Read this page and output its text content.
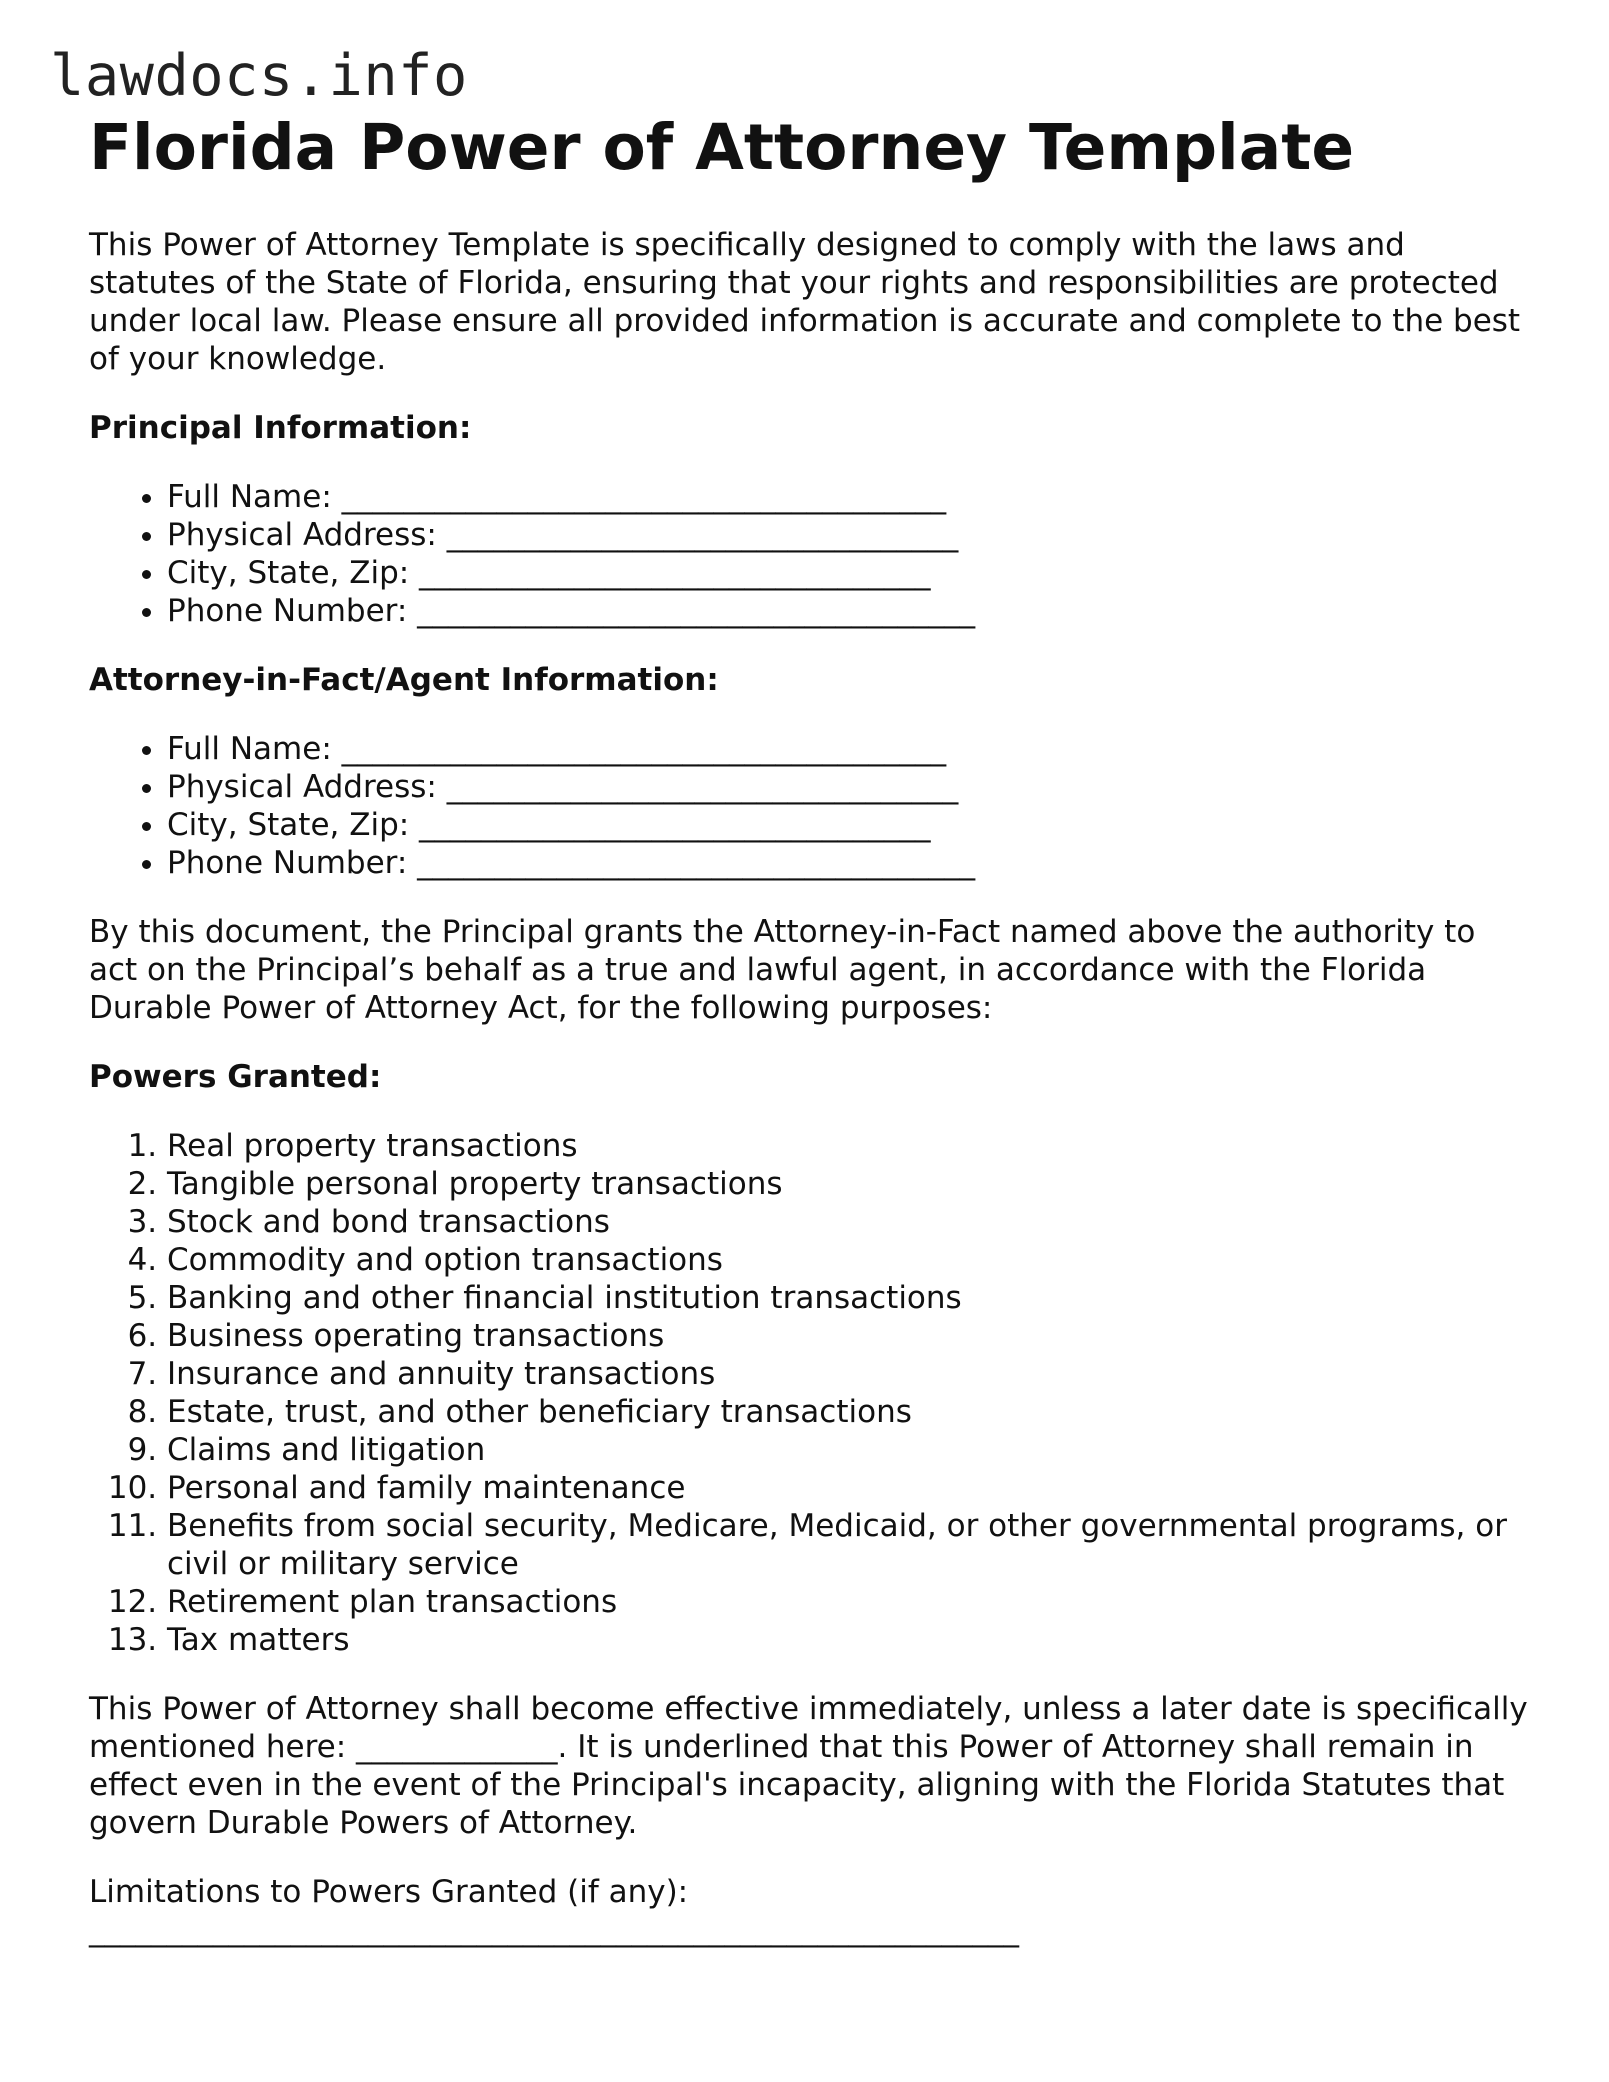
lawdocs.info
Florida Power of Attorney Template

This Power of Attorney Template is specifically designed to comply with the laws and statutes of the State of Florida, ensuring that your rights and responsibilities are protected under local law. Please ensure all provided information is accurate and complete to the best of your knowledge.

Principal Information:
• Full Name: _______________________________________
• Physical Address: _________________________________
• City, State, Zip: _________________________________
• Phone Number: ____________________________________
Attorney-in-Fact/Agent Information:
• Full Name: _______________________________________
• Physical Address: _________________________________
• City, State, Zip: _________________________________
• Phone Number: ____________________________________

By this document, the Principal grants the Attorney-in-Fact named above the authority to act on the Principal’s behalf as a true and lawful agent, in accordance with the Florida Durable Power of Attorney Act, for the following purposes:

Powers Granted:
1. Real property transactions
2. Tangible personal property transactions
3. Stock and bond transactions
4. Commodity and option transactions
5. Banking and other financial institution transactions
6. Business operating transactions
7. Insurance and annuity transactions
8. Estate, trust, and other beneficiary transactions
9. Claims and litigation
10. Personal and family maintenance
11. Benefits from social security, Medicare, Medicaid, or other governmental programs, or civil or military service
12. Retirement plan transactions
13. Tax matters

This Power of Attorney shall become effective immediately, unless a later date is specifically mentioned here: _____________. It is underlined that this Power of Attorney shall remain in effect even in the event of the Principal's incapacity, aligning with the Florida Statutes that govern Durable Powers of Attorney.

Limitations to Powers Granted (if any):
____________________________________________________________
